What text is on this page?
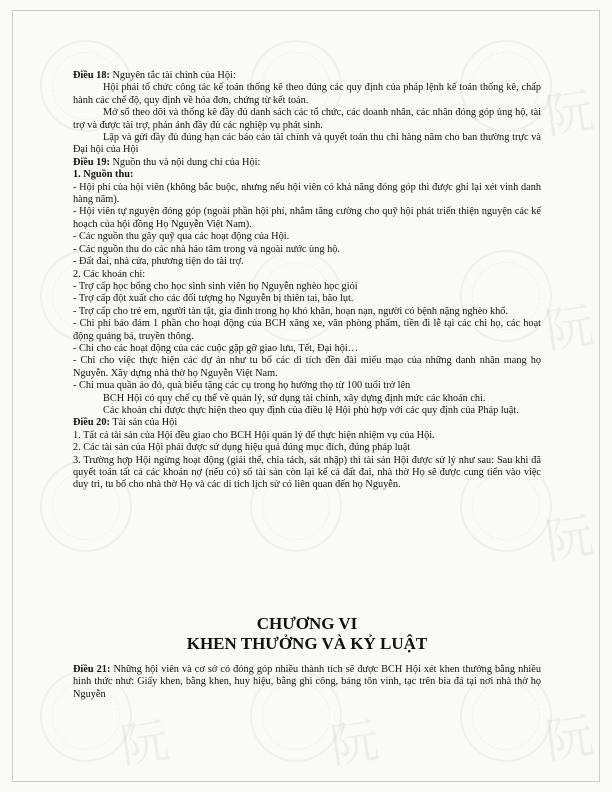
阮
阮
阮
阮
阮	阮

Điều 18: Nguyên tắc tài chính của Hội:

Hội phải tổ chức công tác kế toán thống kê theo đúng các quy định của pháp lệnh kế toán thống kê, chấp hành các chế độ, quy định về hóa đơn, chứng từ kết toán.

Mở sổ theo dõi và thống kê đầy đủ danh sách các tổ chức, các doanh nhân, các nhân đóng góp ủng hộ, tài trợ và được tài trợ, phản ánh đầy đủ các nghiệp vụ phát sinh.

Lập và gửi đầy đủ đúng hạn các báo cáo tài chính và quyết toán thu chi hàng năm cho ban thường trực và Đại hội của Hội

Điều 19: Nguồn thu và nội dung chi của Hội:

1. Nguồn thu:

- Hội phí của hội viên (không bắc buộc, nhưng nếu hội viên có khả năng đóng góp thì được ghi lại xét vinh danh hàng năm).

- Hội viên tự nguyện đóng góp (ngoài phần hội phí, nhằm tăng cường cho quỹ hội phát triển thiện nguyện các kế hoạch của hội đồng Họ Nguyễn Việt Nam).

- Các nguồn thu gây quỹ qua các hoạt động của Hội.

- Các nguồn thu do các nhà hảo tâm trong và ngoài nước ủng hộ.

- Đất đai, nhà cửa, phương tiện do tài trợ.

2. Các khoản chi:

- Trợ cấp học bổng cho học sinh sinh viên họ Nguyễn nghèo học giỏi

- Trợ cấp đột xuất cho các đối tượng họ Nguyễn bị thiên tai, bão lụt.

- Trợ cấp cho trẻ em, người tàn tật, gia đình trong họ khó khăn, hoạn nạn, người có bệnh nặng nghèo khổ.

- Chi phí bảo đảm 1 phần cho hoạt động của BCH xăng xe, văn phòng phẩm, tiền đi lễ tại các chi họ, các hoạt động quảng bá, truyền thông.

- Chi cho các hoạt động của các cuộc gặp gỡ giao lưu, Tết, Đại hội…

- Chi cho việc thực hiện các dự án như tu bổ các di tích đền đài miếu mạo của những danh nhân mang họ Nguyễn. Xây dựng nhà thờ họ Nguyễn Việt Nam.

- Chi mua quần áo đỏ, quà biểu tặng các cụ trong họ hưởng thọ từ 100 tuổi trở lên

BCH Hội có quy chế cụ thể về quản lý, sử dụng tài chính, xây dựng định mức các khoản chi.

Các khoản chi được thực hiện theo quy định của điều lệ Hội phù hợp với các quy định của Pháp luật.

Điều 20: Tài sản của Hội

1. Tất cả tài sản của Hội đều giao cho BCH Hội quản lý để thực hiện nhiệm vụ của Hội.

2. Các tài sản của Hội phải được sử dụng hiệu quả đúng mục đích, đúng pháp luật

3. Trường hợp Hội ngừng hoạt động (giải thể, chia tách, sát nhập) thì tài sản Hội được sử lý như sau: Sau khi đã quyết toán tất cả các khoản nợ (nếu có) số tài sản còn lại kể cả đất đai, nhà thờ Họ sẽ được cung tiến vào việc duy trì, tu bổ cho nhà thờ Họ và các di tích lịch sử có liên quan đến họ Nguyễn.

CHƯƠNG VI
KHEN THƯỞNG VÀ KỶ LUẬT

Điều 21: Những hội viên và cơ sở có đóng góp nhiều thành tích sẽ được BCH Hội xét khen thưởng bằng nhiều hình thức như: Giấy khen, bằng khen, huy hiệu, bằng ghi công, bảng tôn vinh, tạc trên bia đá tại nơi nhà thờ họ Nguyễn
